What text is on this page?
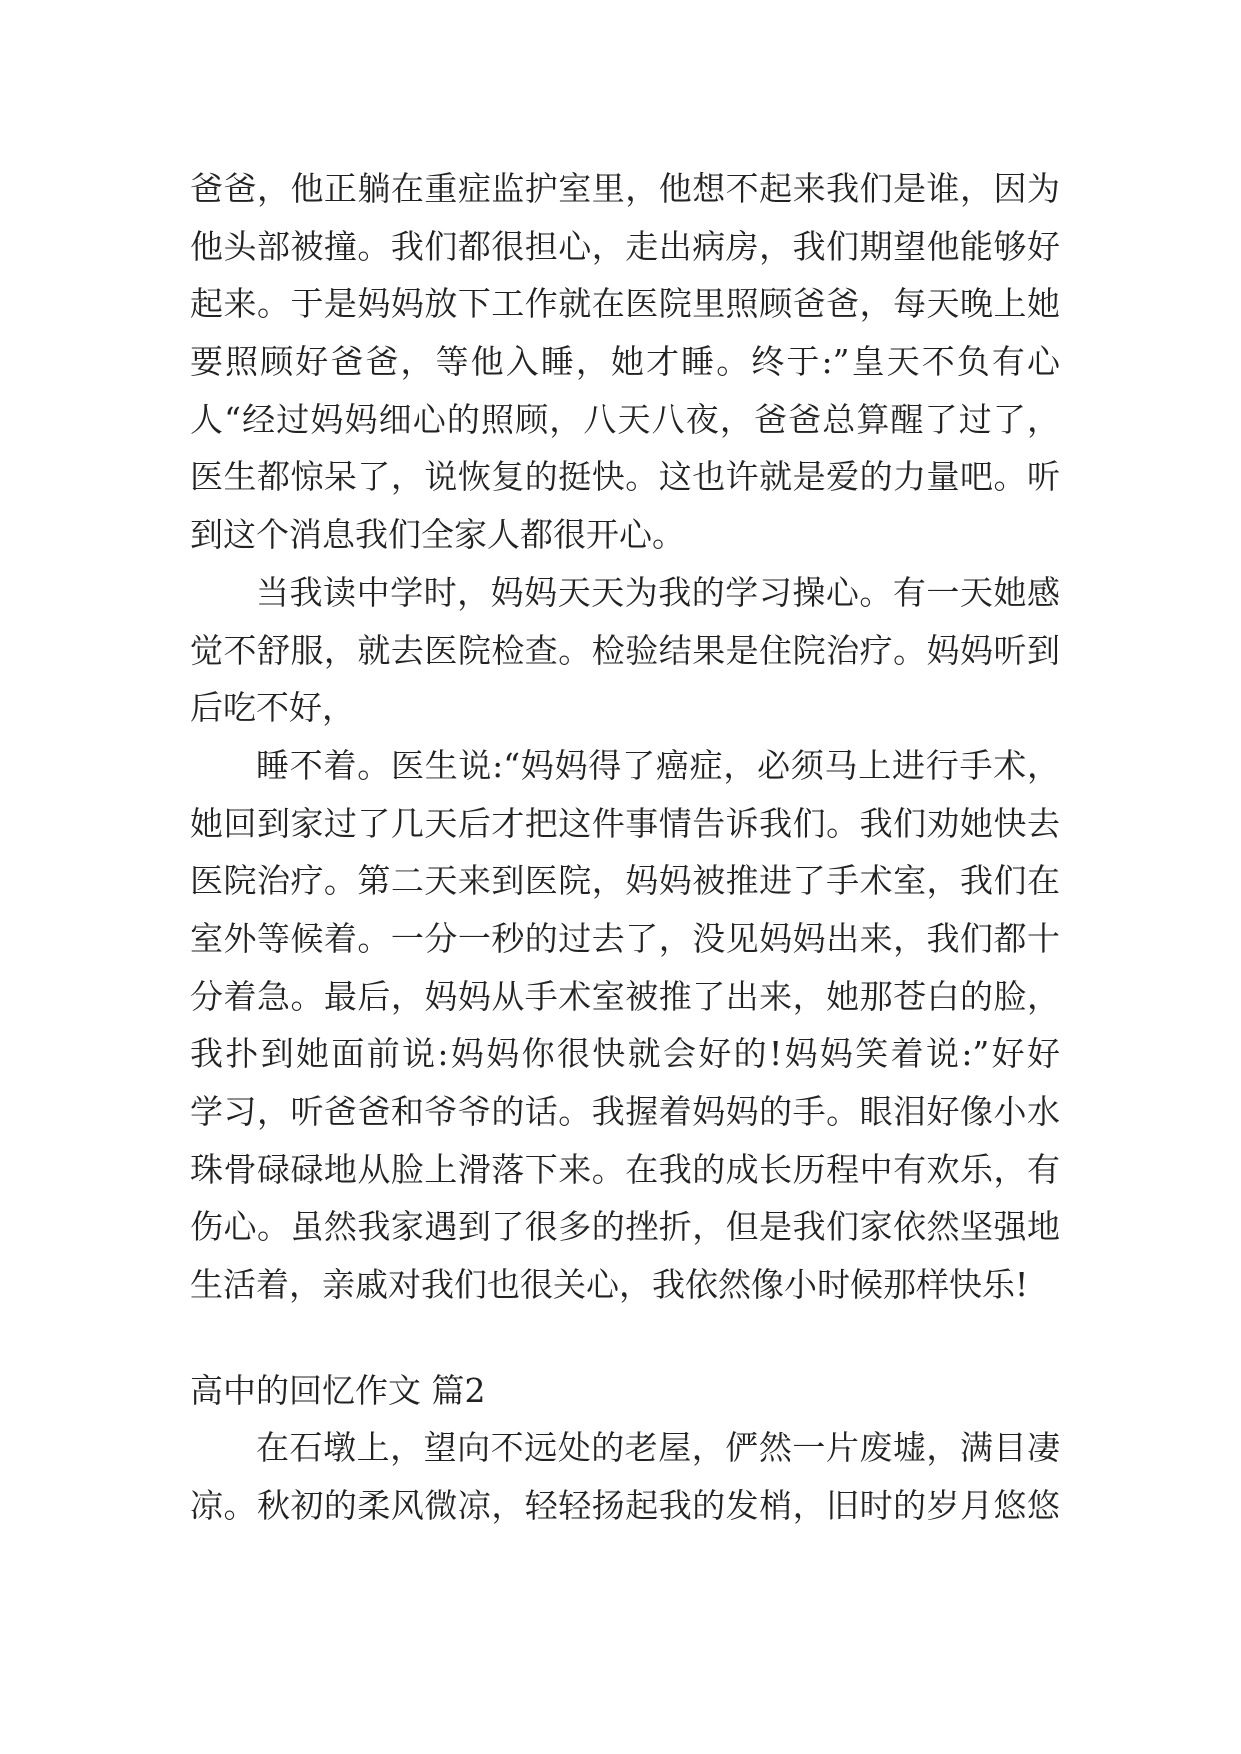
爸爸，他正躺在重症监护室里，他想不起来我们是谁，因为
他头部被撞。我们都很担心，走出病房，我们期望他能够好
起来。于是妈妈放下工作就在医院里照顾爸爸，每天晚上她
要照顾好爸爸，等他入睡，她才睡。终于:”皇天不负有心
人“经过妈妈细心的照顾，八天八夜，爸爸总算醒了过了，
医生都惊呆了，说恢复的挺快。这也许就是爱的力量吧。听
到这个消息我们全家人都很开心。
当我读中学时，妈妈天天为我的学习操心。有一天她感
觉不舒服，就去医院检查。检验结果是住院治疗。妈妈听到
后吃不好，
睡不着。医生说:“妈妈得了癌症，必须马上进行手术，
她回到家过了几天后才把这件事情告诉我们。我们劝她快去
医院治疗。第二天来到医院，妈妈被推进了手术室，我们在
室外等候着。一分一秒的过去了，没见妈妈出来，我们都十
分着急。最后，妈妈从手术室被推了出来，她那苍白的脸，
我扑到她面前说:妈妈你很快就会好的!妈妈笑着说:”好好
学习，听爸爸和爷爷的话。我握着妈妈的手。眼泪好像小水
珠骨碌碌地从脸上滑落下来。在我的成长历程中有欢乐，有
伤心。虽然我家遇到了很多的挫折，但是我们家依然坚强地
生活着，亲戚对我们也很关心，我依然像小时候那样快乐!
高中的回忆作文 篇2
在石墩上，望向不远处的老屋，俨然一片废墟，满目凄
凉。秋初的柔风微凉，轻轻扬起我的发梢，旧时的岁月悠悠
